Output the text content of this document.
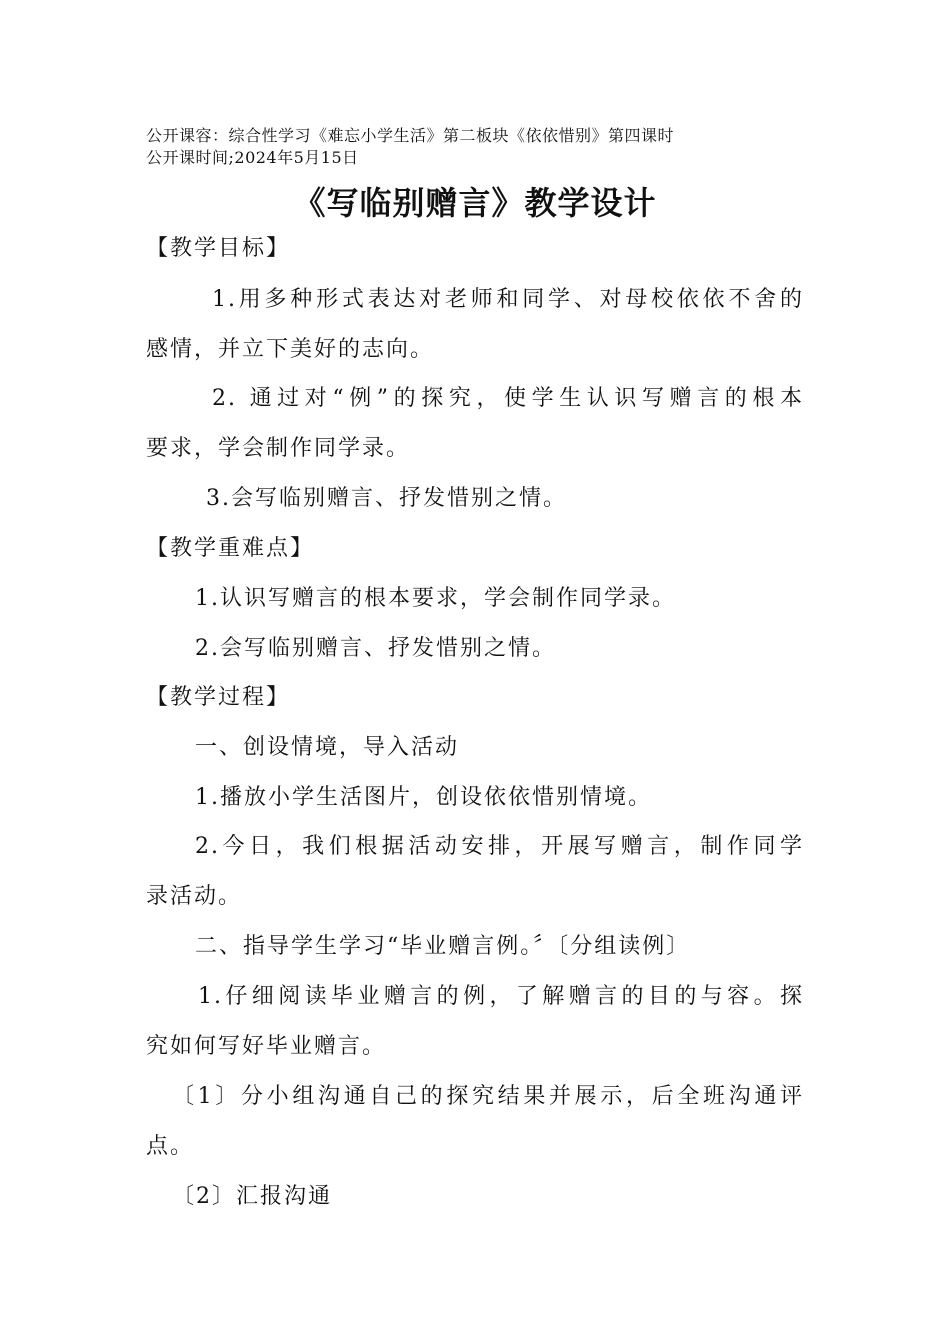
公开课容：综合性学习《难忘小学生活》第二板块《依依惜别》第四课时
公开课时间;2024年5月15日
《写临别赠言》教学设计
【教学目标】
1.用多种形式表达对老师和同学、对母校依依不舍的
感情，并立下美好的志向。
2. 通过对“例”的探究，使学生认识写赠言的根本
要求，学会制作同学录。
3.会写临别赠言、抒发惜别之情。
【教学重难点】
1.认识写赠言的根本要求，学会制作同学录。
2.会写临别赠言、抒发惜别之情。
【教学过程】
一、创设情境，导入活动
1.播放小学生活图片，创设依依惜别情境。
2.今日，我们根据活动安排，开展写赠言，制作同学
录活动。
二、指导学生学习“毕业赠言例。〞〔分组读例〕
1.仔细阅读毕业赠言的例，了解赠言的目的与容。探
究如何写好毕业赠言。
〔1〕分小组沟通自己的探究结果并展示，后全班沟通评
点。
〔2〕汇报沟通
